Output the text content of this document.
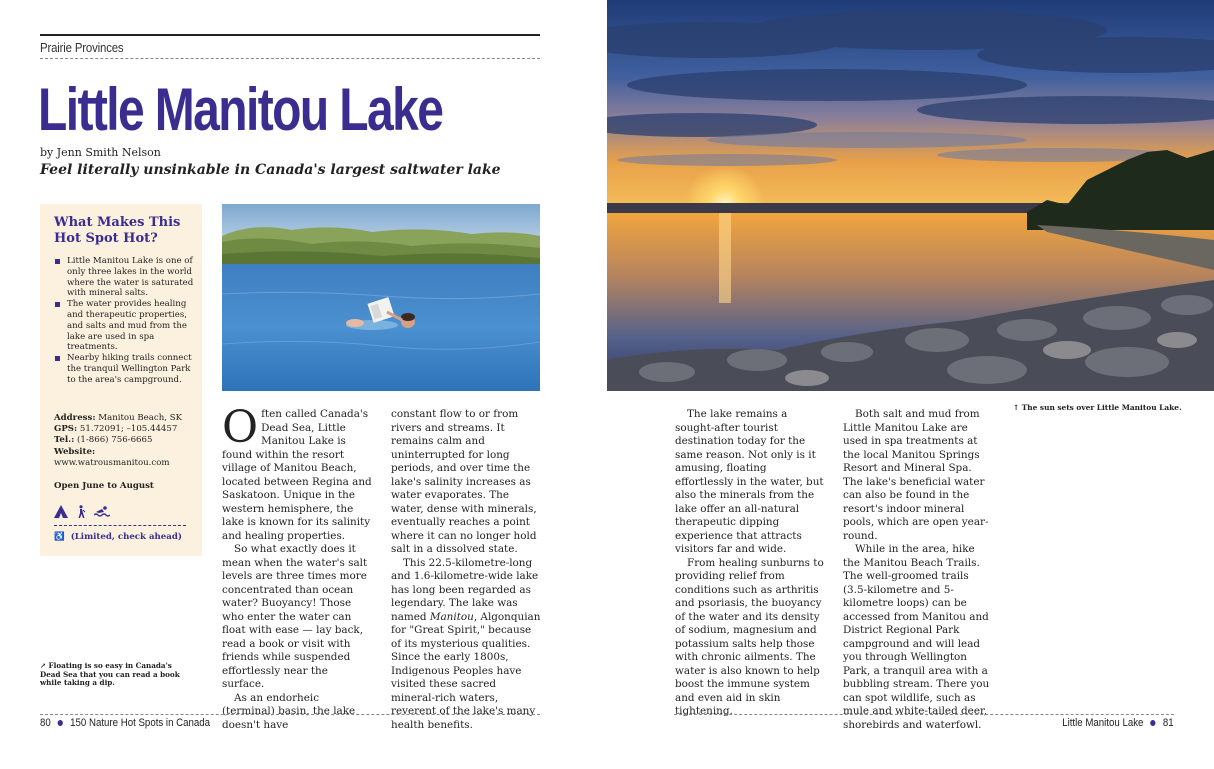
Prairie Provinces
Little Manitou Lake
by Jenn Smith Nelson
Feel literally unsinkable in Canada's largest saltwater lake
What Makes This Hot Spot Hot?
Little Manitou Lake is one of only three lakes in the world where the water is saturated with mineral salts.
The water provides healing and therapeutic properties, and salts and mud from the lake are used in spa treatments.
Nearby hiking trails connect the tranquil Wellington Park to the area's campground.
Address: Manitou Beach, SK
GPS: 51.72091; –105.44457
Tel.: (1-866) 756-6665
Website:
www.watrousmanitou.com
Open June to August

♿ (Limited, check ahead)
↗ Floating is so easy in Canada's Dead Sea that you can read a book while taking a dip.

Often called Canada's Dead Sea, Little Manitou Lake is found within the resort village of Manitou Beach, located between Regina and Saskatoon. Unique in the western hemisphere, the lake is known for its salinity and healing properties.

So what exactly does it mean when the water's salt levels are three times more concentrated than ocean water? Buoyancy! Those who enter the water can float with ease — lay back, read a book or visit with friends while suspended effortlessly near the surface.

As an endorheic (terminal) basin, the lake doesn't have

constant flow to or from rivers and streams. It remains calm and uninterrupted for long periods, and over time the lake's salinity increases as water evaporates. The water, dense with minerals, eventually reaches a point where it can no longer hold salt in a dissolved state.

This 22.5-kilometre-long and 1.6-kilometre-wide lake has long been regarded as legendary. The lake was named Manitou, Algonquian for "Great Spirit," because of its mysterious qualities. Since the early 1800s, Indigenous Peoples have visited these sacred mineral-rich waters, reverent of the lake's many health benefits.

↑ The sun sets over Little Manitou Lake.

The lake remains a sought-after tourist destination today for the same reason. Not only is it amusing, floating effortlessly in the water, but also the minerals from the lake offer an all-natural therapeutic dipping experience that attracts visitors far and wide.

From healing sunburns to providing relief from conditions such as arthritis and psoriasis, the buoyancy of the water and its density of sodium, magnesium and potassium salts help those with chronic ailments. The water is also known to help boost the immune system and even aid in skin tightening.

Both salt and mud from Little Manitou Lake are used in spa treatments at the local Manitou Springs Resort and Mineral Spa. The lake's beneficial water can also be found in the resort's indoor mineral pools, which are open year-round.

While in the area, hike the Manitou Beach Trails. The well-groomed trails (3.5-kilometre and 5-kilometre loops) can be accessed from Manitou and District Regional Park campground and will lead you through Wellington Park, a tranquil area with a bubbling stream. There you can spot wildlife, such as mule and white-tailed deer, shorebirds and waterfowl.

80 150 Nature Hot Spots in Canada	Little Manitou Lake 81
